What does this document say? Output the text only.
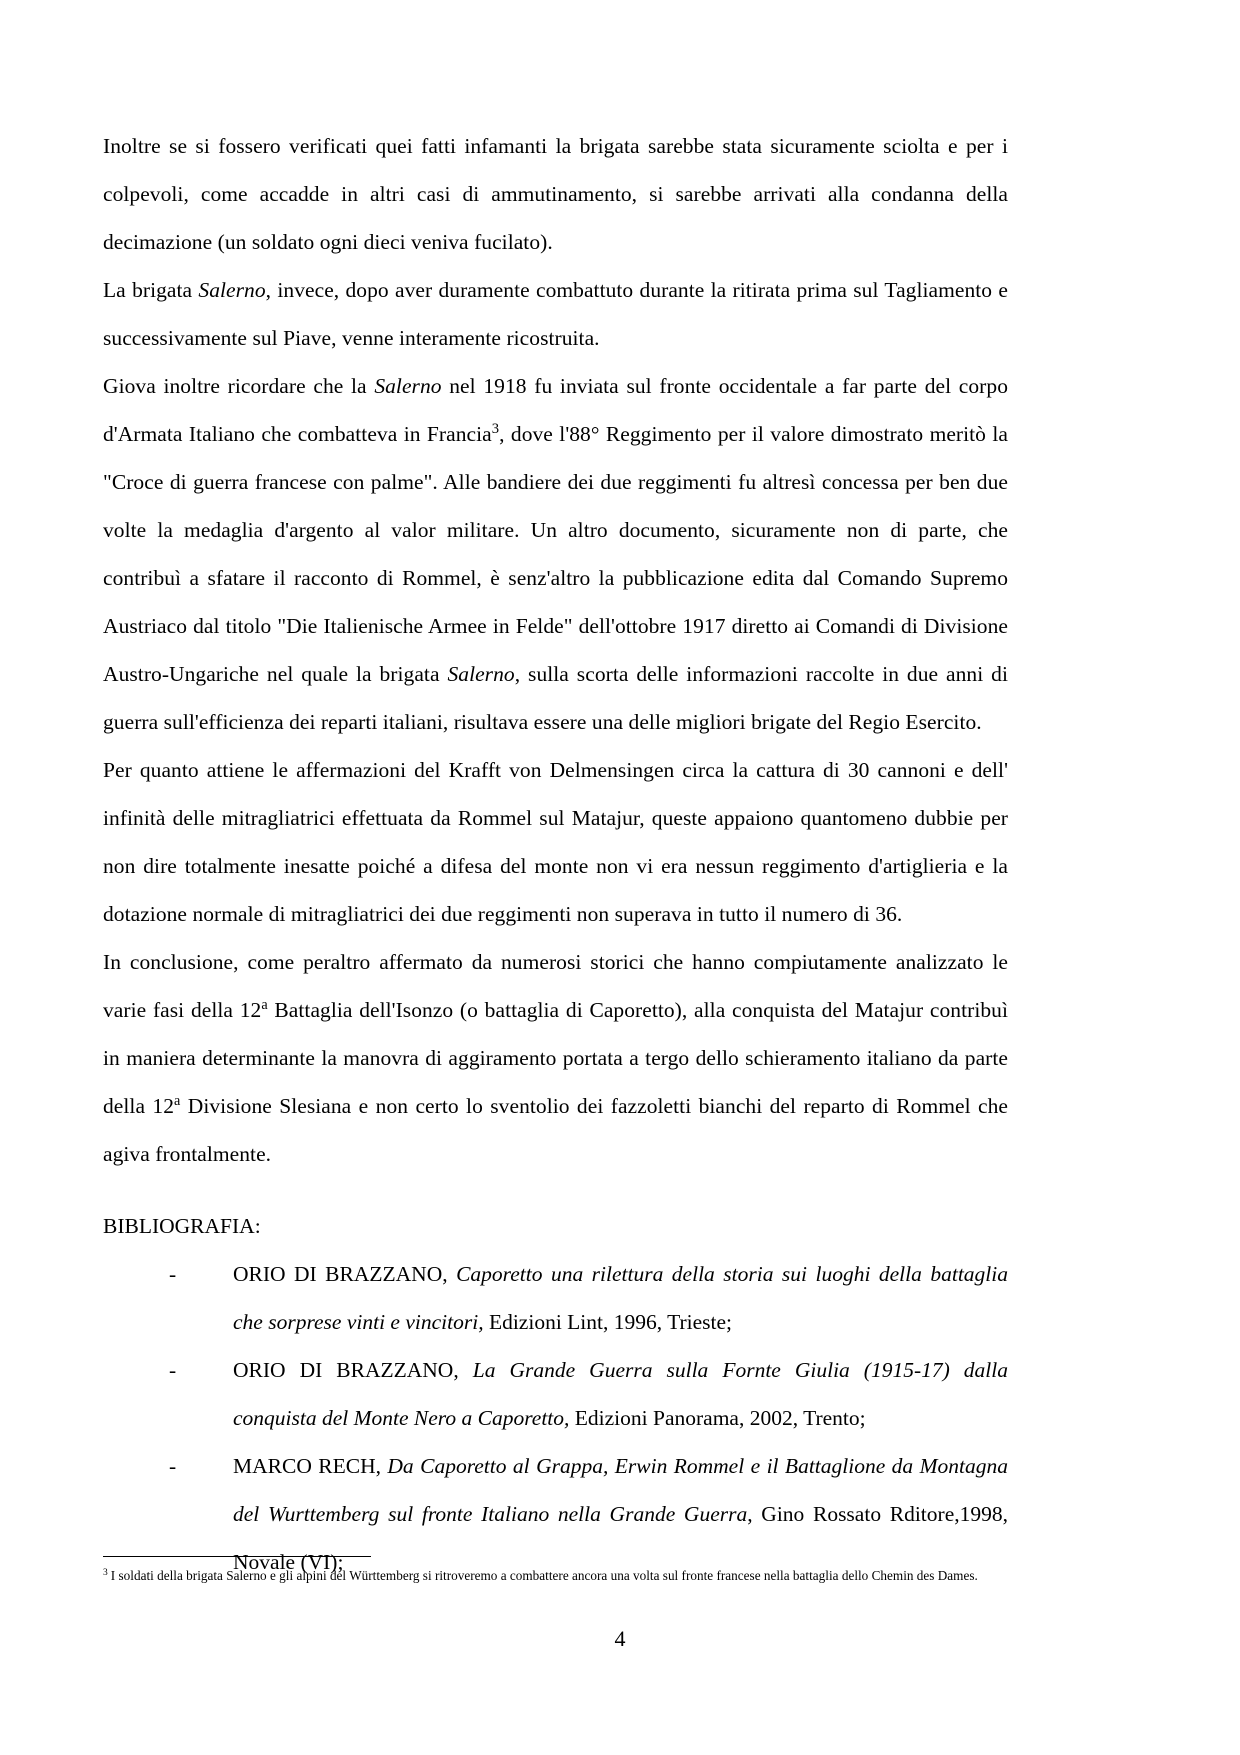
Inoltre se si fossero verificati quei fatti infamanti la brigata sarebbe stata sicuramente sciolta e per i colpevoli, come accadde in altri casi di ammutinamento, si sarebbe arrivati alla condanna della decimazione (un soldato ogni dieci veniva fucilato).

La brigata Salerno, invece, dopo aver duramente combattuto durante la ritirata prima sul Tagliamento e successivamente sul Piave, venne interamente ricostruita.

Giova inoltre ricordare che la Salerno nel 1918 fu inviata sul fronte occidentale a far parte del corpo d'Armata Italiano che combatteva in Francia$^3$, dove l'88° Reggimento per il valore dimostrato meritò la "Croce di guerra francese con palme". Alle bandiere dei due reggimenti fu altresì concessa per ben due volte la medaglia d'argento al valor militare. Un altro documento, sicuramente non di parte, che contribuì a sfatare il racconto di Rommel, è senz'altro la pubblicazione edita dal Comando Supremo Austriaco dal titolo "Die Italienische Armee in Felde" dell'ottobre 1917 diretto ai Comandi di Divisione Austro-Ungariche nel quale la brigata Salerno, sulla scorta delle informazioni raccolte in due anni di guerra sull'efficienza dei reparti italiani, risultava essere una delle migliori brigate del Regio Esercito.

Per quanto attiene le affermazioni del Krafft von Delmensingen circa la cattura di 30 cannoni e dell' infinità delle mitragliatrici effettuata da Rommel sul Matajur, queste appaiono quantomeno dubbie per non dire totalmente inesatte poiché a difesa del monte non vi era nessun reggimento d'artiglieria e la dotazione normale di mitragliatrici dei due reggimenti non superava in tutto il numero di 36.

In conclusione, come peraltro affermato da numerosi storici che hanno compiutamente analizzato le varie fasi della 12$^a$ Battaglia dell'Isonzo (o battaglia di Caporetto), alla conquista del Matajur contribuì in maniera determinante la manovra di aggiramento portata a tergo dello schieramento italiano da parte della 12$^a$ Divisione Slesiana e non certo lo sventolio dei fazzoletti bianchi del reparto di Rommel che agiva frontalmente.

BIBLIOGRAFIA:
-	ORIO DI BRAZZANO, Caporetto una rilettura della storia sui luoghi della battaglia che sorprese vinti e vincitori, Edizioni Lint, 1996, Trieste;
-	ORIO DI BRAZZANO, La Grande Guerra sulla Fornte Giulia (1915-17) dalla conquista del Monte Nero a Caporetto, Edizioni Panorama, 2002, Trento;
-	MARCO RECH, Da Caporetto al Grappa, Erwin Rommel e il Battaglione da Montagna del Wurttemberg sul fronte Italiano nella Grande Guerra, Gino Rossato Rditore,1998, Novale (VI);

$^3$ I soldati della brigata Salerno e gli alpini del Württemberg si ritroveremo a combattere ancora una volta sul fronte francese nella battaglia dello Chemin des Dames.

4
